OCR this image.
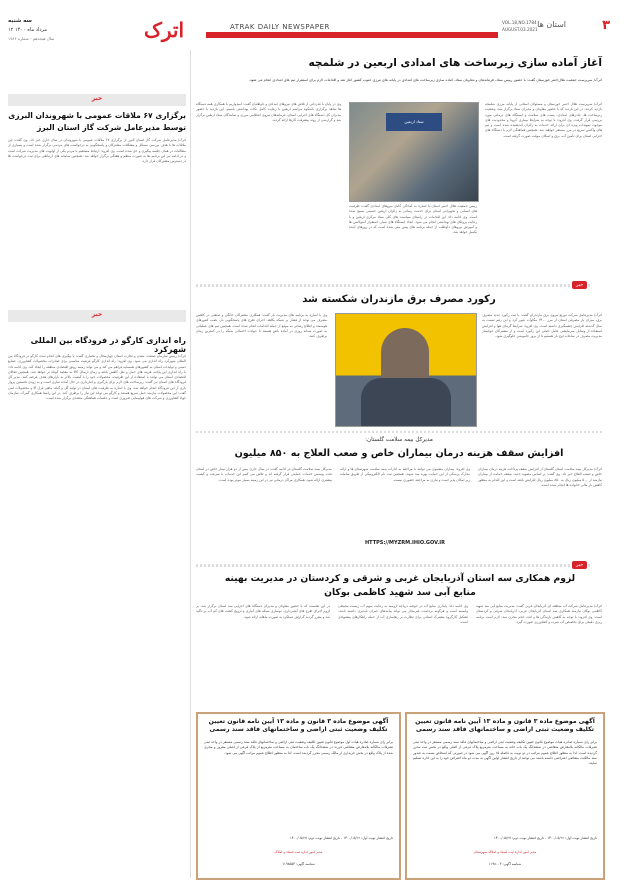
۳
استان ها
ATRAK DAILY NEWSPAPER
VOL.18,NO.1784
AUGUST.03.2021
آغاز آماده سازی زیرساخت های امدادی اربعین در شلمچه
اترک/ سرپرست جمعیت هلال‌احمر خوزستان گفت: با حضور رییس ستاد، فرماندهان و معاونان ستاد، آماده سازی زیرساخت های امدادی در پایانه های مرزی جنوب کشور آغاز شد و اقدامات لازم برای استقرار تیم های امدادی انجام می شود.
اترک/ سرپرست هلال احمر خوزستان و مسئولان استانی از پایانه مرزی شلمچه بازدید کردند. در این بازدید که با حضور معاونان و مدیران ستاد برگزار شد، وضعیت زیرساخت ها، چادرهای امدادی، پست های سلامت و ایستگاه های درمانی مورد بررسی قرار گرفت. وی افزود: با توجه به شرایط بیماری کرونا و محدودیت های موجود، تمهیدات ویژه ای برای ارائه خدمات به زائران اندیشیده شده است و تیم های واکنش سریع در مرز مستقر خواهند شد. همچنین هماهنگی لازم با دستگاه های اجرایی استان برای تأمین آب، برق و اسکان موقت صورت گرفته است.
ستاد اربعین
رییس جمعیت هلال احمر استان با اشاره به آمادگی کامل نیروهای امدادی گفت: ظرفیت های انسانی و تجهیزاتی استان برای خدمت رسانی به زائران اربعین حسینی بسیج شده است. وی ادامه داد: این اقدامات در راستای سیاست های کلی ستاد مرکزی اربعین و با رعایت پروتکل های بهداشتی انجام می شود. ایجاد ایستگاه های سیار، استقرار آمبولانس ها و آموزش نیروهای داوطلب از جمله برنامه های پیش بینی شده است که در روزهای آینده تکمیل خواهد شد.
وی در پایان با قدردانی از تلاش های نیروهای امدادی و داوطلبان گفت: امیدواریم با همکاری همه دستگاه ها شاهد برگزاری باشکوه مراسم اربعین با رعایت کامل نکات بهداشتی باشیم. این بازدید با حضور مدیران کل دستگاه های اجرایی استان، فرماندهان نیروی انتظامی مرزی و نمایندگان ستاد اربعین برگزار شد و گزارشی از روند پیشرفت کارها ارائه گردید.
خبر
رکورد مصرف برق مازندران شکسته شد
اترک/ مدیرعامل شرکت توزیع نیروی برق مازندران گفت: با ثبت رکورد جدید مصرف برق، میزان بار مصرفی استان از مرز ۲۴۰۰ مگاوات عبور کرد و این رقم نسبت به سال گذشته افزایش چشمگیری داشته است. وی افزود: شرایط گرمای هوا و افزایش استفاده از وسایل سرمایشی عامل اصلی این رکورد است و از مشترکان خواستار مدیریت مصرف در ساعات اوج بار هستیم تا از بروز خاموشی جلوگیری شود.
وی با اشاره به برنامه های مدیریت بار گفت: همکاری مشترکان خانگی و صنعتی در کاهش مصرف می تواند از فشار بر شبکه بکاهد. اجرای طرح های پاسخگویی بار، نصب کنتورهای هوشمند و اطلاع رسانی به موقع از جمله اقدامات انجام شده است. همچنین تیم های عملیاتی به صورت شبانه روزی در آماده باش هستند تا حوادث احتمالی شبکه را در کمترین زمان برطرف کنند.
مدیرکل بیمه سلامت گلستان:
افزایش سقف هزینه درمان بیماران خاص و صعب العلاج به ۸۵۰ میلیون
اترک/ مدیرکل بیمه سلامت استان گلستان از افزایش سقف پرداخت هزینه درمان بیماران خاص و صعب العلاج خبر داد. وی گفت: بر اساس مصوبه جدید، سقف حمایت از بیماران نیازمند از ۵۰۰ میلیون ریال به ۸۵۰ میلیون ریال افزایش یافته است و این اقدام به منظور کاهش بار مالی خانواده ها انجام شده است.
وی افزود: بیماران مشمول می توانند با مراجعه به ادارات بیمه سلامت شهرستان ها و ارائه مدارک پزشکی از این حمایت بهره مند شوند. همچنین ثبت نام الکترونیکی از طریق سامانه زیر امکان پذیر است و نیازی به مراجعه حضوری نیست.
HTTPS://MYZRM.IHIO.GOV.IR
مدیرکل بیمه سلامت گلستان در ادامه گفت: در سال جاری بیش از دو هزار بیمار خاص در استان تحت پوشش خدمات حمایتی قرار گرفته اند و تلاش می کنیم این خدمات با سرعت و کیفیت بیشتری ارائه شود. همکاری مراکز درمانی نیز در این زمینه بسیار موثر بوده است.
خبر
لزوم همکاری سه استان آذربایجان غربی و شرقی و کردستان در مدیریت بهینه منابع آبی سد شهید کاظمی بوکان
اترک/ مدیرعامل شرکت آب منطقه ای آذربایجان غربی گفت: مدیریت منابع آبی سد شهید کاظمی بوکان نیازمند همکاری سه استان آذربایجان غربی، آذربایجان شرقی و کردستان است. وی افزود: با توجه به کاهش بارندگی ها و افت حجم مخزن سد، لازم است برنامه ریزی دقیقی برای تخصیص آب شرب و کشاورزی صورت گیرد.
وی ادامه داد: پایداری منابع آب در حوضه دریاچه ارومیه به رعایت سهم آب زیست محیطی وابسته است و هرگونه برداشت غیرمجاز می تواند پیامدهای جبران ناپذیری داشته باشد. تشکیل کارگروه مشترک استانی برای نظارت بر رهاسازی آب از جمله راهکارهای پیشنهادی است.
در این نشست که با حضور معاونان و مدیران دستگاه های اجرایی سه استان برگزار شد، بر لزوم اجرای طرح های آبخیزداری، نوسازی شبکه های آبیاری و ترویج کشت های کم آب بر تاکید شد و مقرر گردید گزارش عملکرد به صورت ماهانه ارائه شود.
آگهی موضوع ماده ۳ قانون و ماده ۱۳ آیین نامه قانون تعیین تکلیف وضعیت ثبتی اراضی و ساختمانهای فاقد سند رسمی
برابر رای شماره صادره هیات موضوع قانون تعیین تکلیف وضعیت ثبتی اراضی و ساختمانهای فاقد سند رسمی مستقر در واحد ثبتی تصرفات مالکانه بلامعارض متقاضی در ششدانگ یک باب خانه به مساحت مترمربع پلاک فرعی از اصلی واقع در بخش ثبت محرز گردیده است. لذا به منظور اطلاع عموم مراتب در دو نوبت به فاصله ۱۵ روز آگهی می شود در صورتی که اشخاص نسبت به صدور سند مالکیت متقاضی اعتراضی داشته باشند می توانند از تاریخ انتشار اولین آگهی به مدت دو ماه اعتراض خود را به این اداره تسلیم نمایند.
تاریخ انتشار نوبت اول: ۱۴۰۰/۰۵/۱۲ - تاریخ انتشار نوبت دوم: ۱۴۰۰/۰۵/۲۷
مدیر امور اداره ثبت اسناد و املاک شهرستان
شناسه آگهی: ۱۱۹۸۰۰۳
آگهی موضوع ماده ۳ قانون و ماده ۱۳ آیین نامه قانون تعیین تکلیف وضعیت ثبتی اراضی و ساختمانهای فاقد سند رسمی
برابر رای شماره صادره هیات اول موضوع قانون تعیین تکلیف وضعیت ثبتی اراضی و ساختمانهای فاقد سند رسمی مستقر در واحد ثبتی تصرفات مالکانه بلامعارض متقاضی فرزند در ششدانگ یک باب ساختمان به مساحت مترمربع از پلاک فرعی از اصلی مفروز و مجزی شده از پلاک واقع در بخش خریداری از مالک رسمی محرز گردیده است. لذا به منظور اطلاع عموم مراتب آگهی می شود.
تاریخ انتشار نوبت اول: ۱۴۰۰/۰۵/۱۲ - تاریخ انتشار نوبت دوم: ۱۴۰۰/۰۵/۲۷
مدیر امور اداره ثبت اسناد و املاک
شناسه آگهی: ۱۱۹۸۵۵۳
اترک
سه شنبه
۱۲ مرداد ماه ۱۴۰۰
سال هیجدهم - شماره ۱۷۸۴
خبر
برگزاری ۶۷ ملاقات عمومی با شهروندان البرزی توسط مدیرعامل شرکت گاز استان البرز
اترک/ مدیرعامل شرکت گاز استان البرز از برگزاری ۶۷ ملاقات عمومی با شهروندان در سال جاری خبر داد. وی گفت: این ملاقات ها با هدف بررسی مسائل و مشکلات مشترکان و پاسخگویی به درخواست های مردمی برگزار شده است و بسیاری از مطالبات در همان جلسه پیگیری و حل شده است. وی افزود: ارتباط مستقیم با مردم یکی از اولویت های مدیریت شرکت است و در ادامه نیز این برنامه ها به صورت منظم و هفتگی برگزار خواهد شد. همچنین سامانه های ارتباطی برای ثبت درخواست ها در دسترس مشترکان قرار دارد.
خبر
راه اندازی کارگو در فرودگاه بین المللی شهرکرد
اترک/ رییس سازمان صنعت، معدن و تجارت استان چهارمحال و بختیاری گفت: با پیگیری های انجام شده کارگو در فرودگاه بین المللی شهرکرد راه اندازی می شود. وی افزود: راه اندازی کارگو فرصت مناسبی برای صادرات محصولات کشاورزی، صنایع دستی و تولیدات استان به کشورهای همسایه فراهم می کند و می تواند زمینه رونق اقتصادی منطقه را ایجاد کند. وی ادامه داد: با راه اندازی این پایانه، هزینه های حمل و نقل کاهش یافته و زمان ارسال کالا به مقصد کوتاه تر خواهد شد. همچنین فعالان اقتصادی استان می توانند با استفاده از این ظرفیت، محصولات خود را با کیفیت بالاتر به بازارهای هدف عرضه کنند. مدیر کل فرودگاه های استان نیز گفت: زیرساخت های لازم برای بارگیری و انبارداری در حال آماده سازی است و به زودی نخستین پرواز باری از این فرودگاه انجام خواهد شد. وی با اشاره به ظرفیت های استان در تولید گل و گیاه، ماهی قزل آلا و محصولات لبنی گفت: این محصولات نیازمند حمل سریع هستند و کارگو می تواند این نیاز را برطرف کند. در این راستا همکاری گمرک، سازمان جهاد کشاورزی و شرکت های هواپیمایی ضروری است و جلسات هماهنگی متعددی برگزار شده است.
